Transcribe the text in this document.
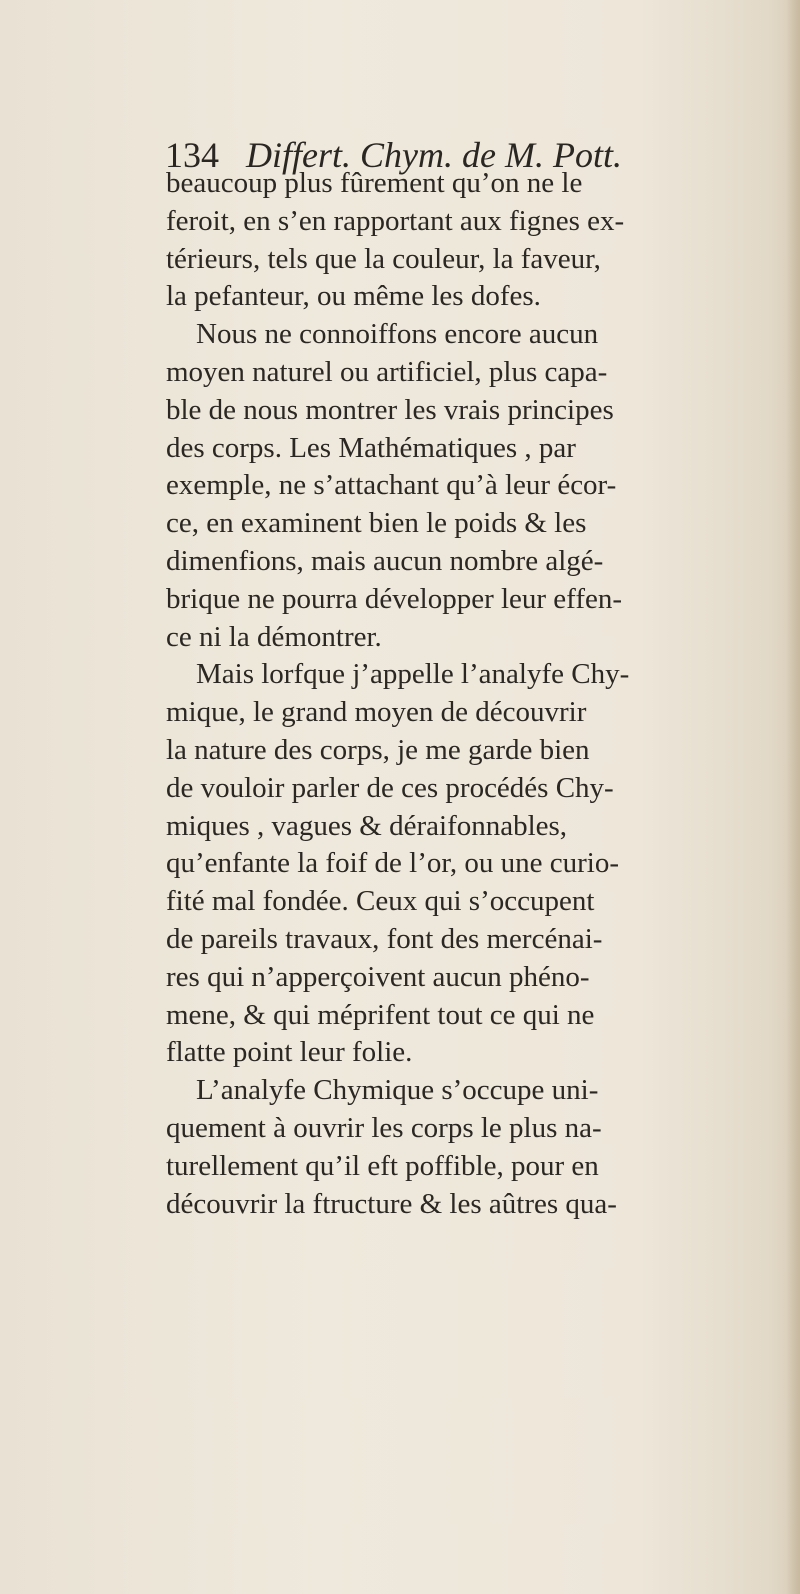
134 Differt. Chym. de M. Pott.
beaucoup plus fûrement qu’on ne le
feroit, en s’en rapportant aux fignes ex-
térieurs, tels que la couleur, la faveur,
la pefanteur, ou même les dofes.
Nous ne connoiffons encore aucun
moyen naturel ou artificiel, plus capa-
ble de nous montrer les vrais principes
des corps. Les Mathématiques , par
exemple, ne s’attachant qu’à leur écor-
ce, en examinent bien le poids & les
dimenfions, mais aucun nombre algé-
brique ne pourra développer leur effen-
ce ni la démontrer.
Mais lorfque j’appelle l’analyfe Chy-
mique, le grand moyen de découvrir
la nature des corps, je me garde bien
de vouloir parler de ces procédés Chy-
miques , vagues & déraifonnables,
qu’enfante la foif de l’or, ou une curio-
fité mal fondée. Ceux qui s’occupent
de pareils travaux, font des mercénai-
res qui n’apperçoivent aucun phéno-
mene, & qui méprifent tout ce qui ne
flatte point leur folie.
L’analyfe Chymique s’occupe uni-
quement à ouvrir les corps le plus na-
turellement qu’il eft poffible, pour en
découvrir la ftructure & les aûtres qua-
